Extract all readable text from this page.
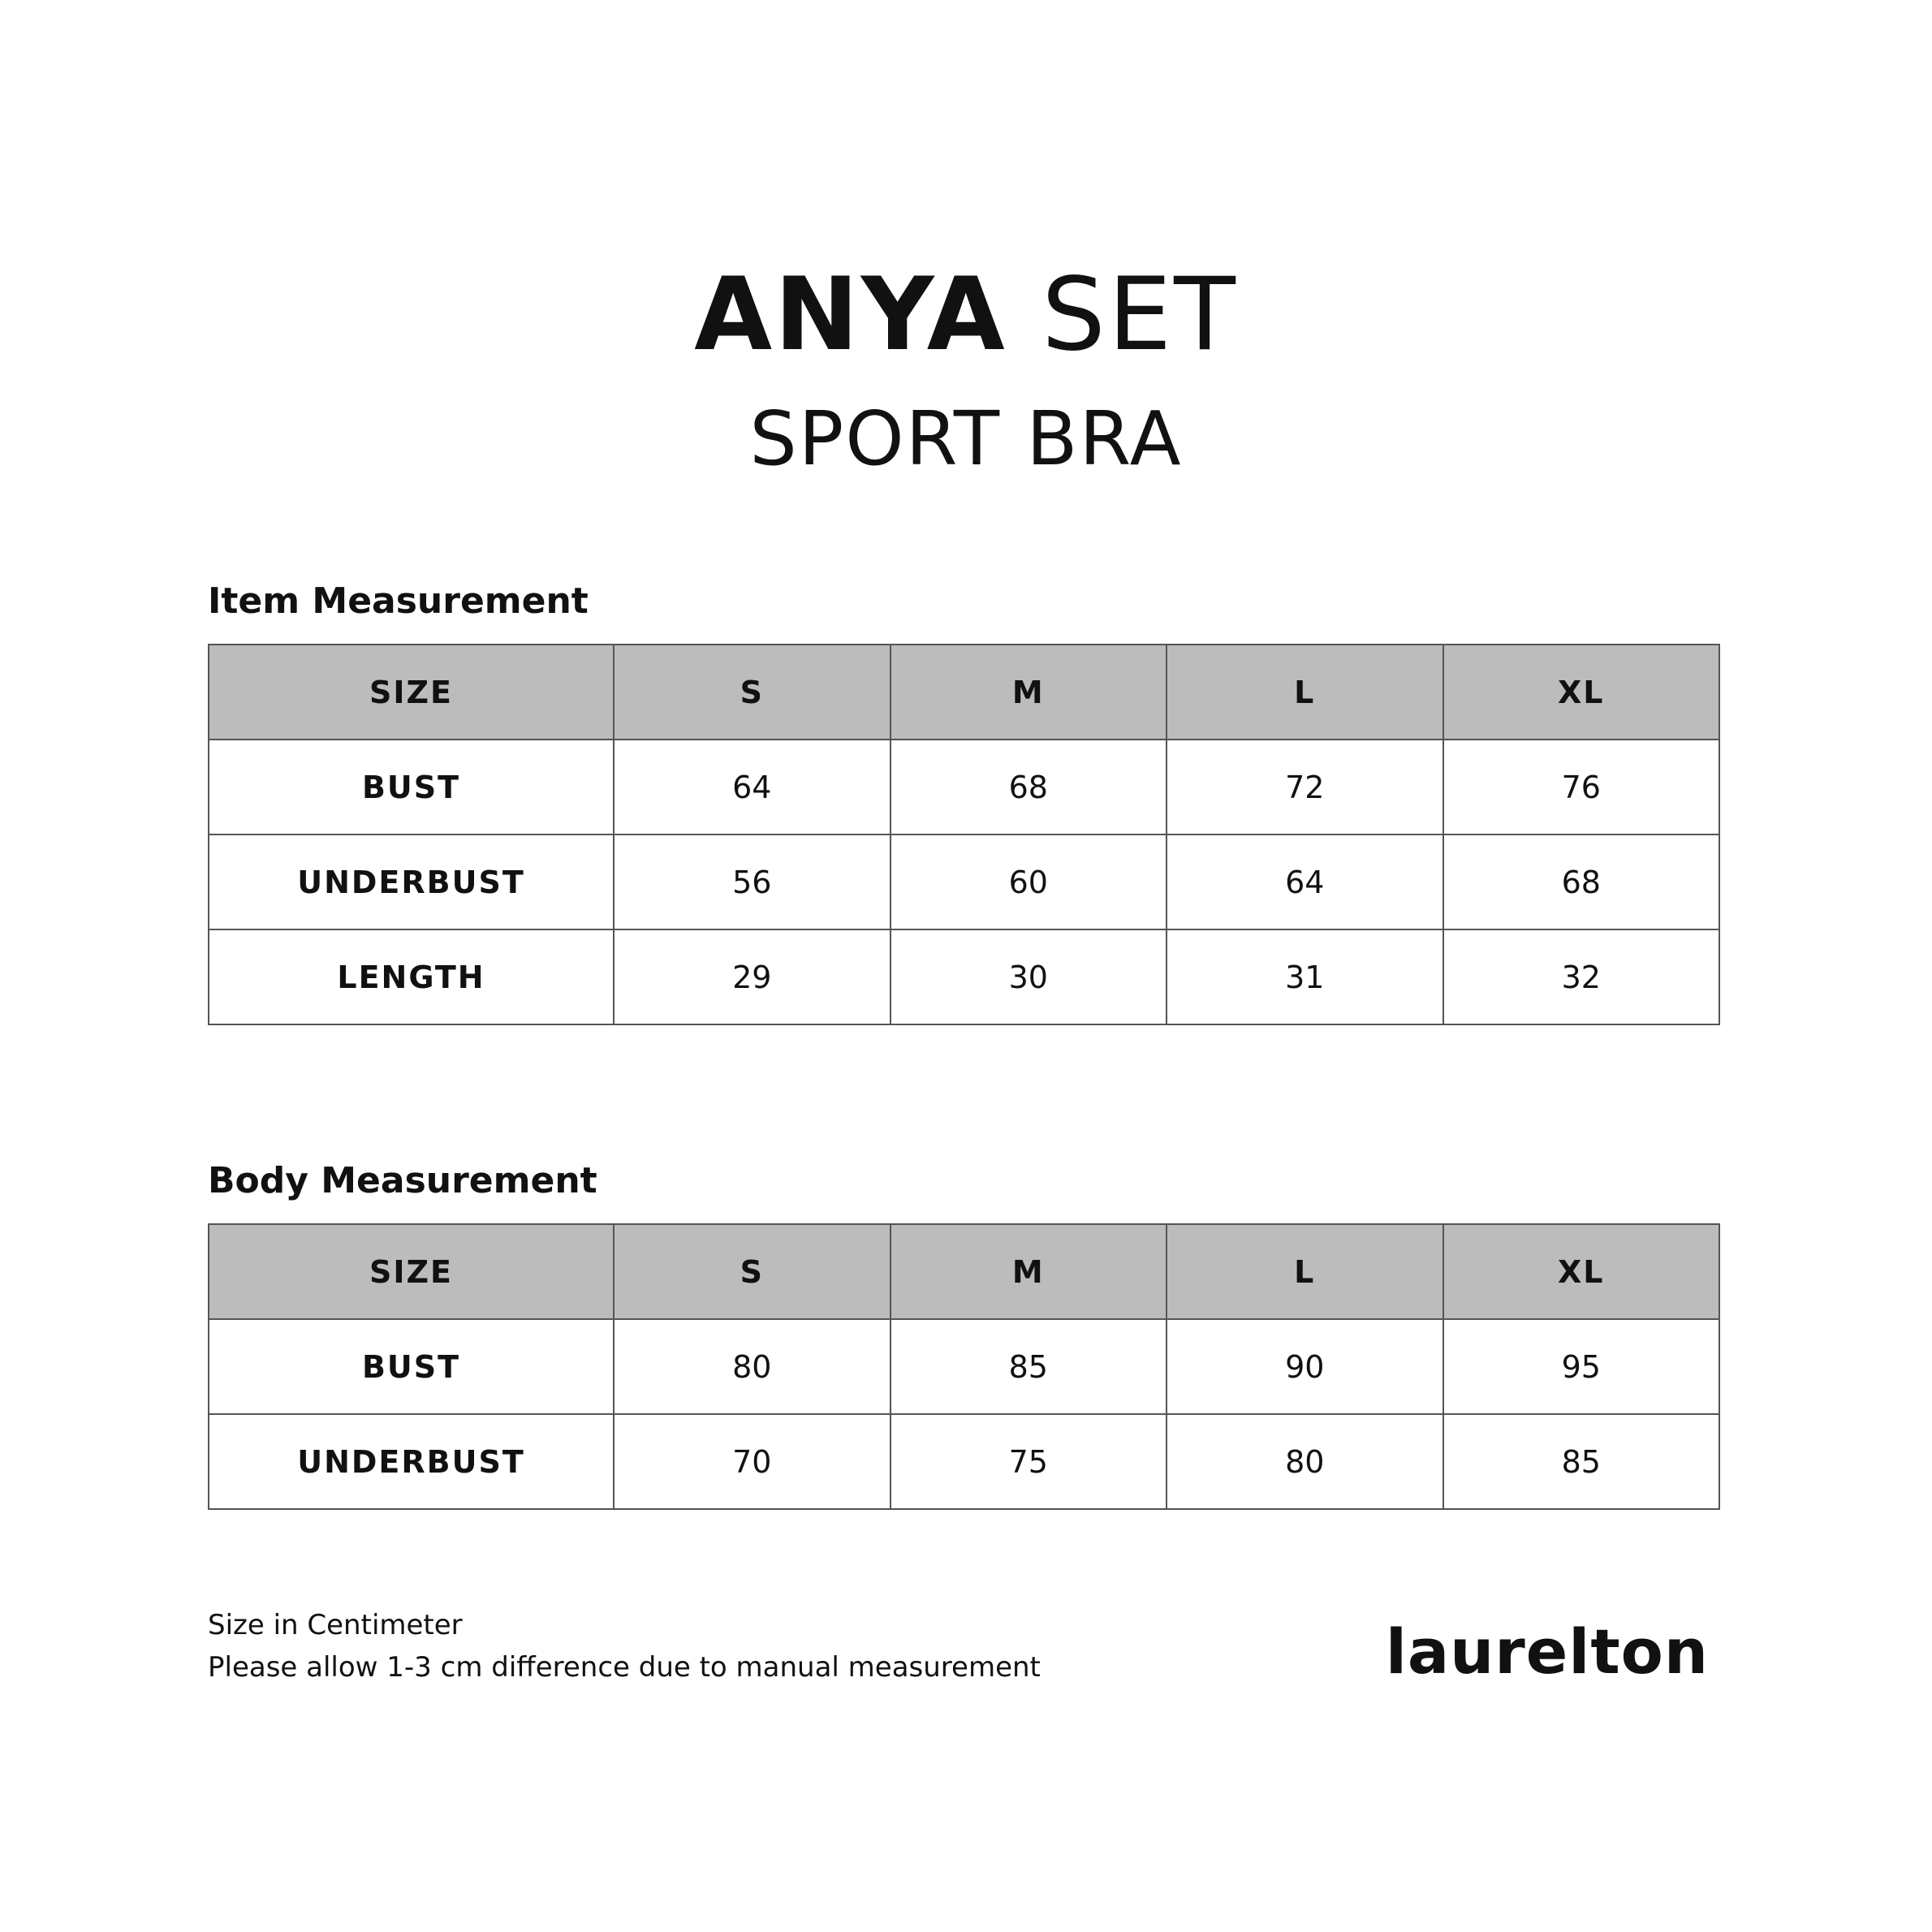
ANYA SET
SPORT BRA
Item Measurement
SIZE	S	M	L	XL
BUST	64	68	72	76
UNDERBUST	56	60	64	68
LENGTH	29	30	31	32
Body Measurement
SIZE	S	M	L	XL
BUST	80	85	90	95
UNDERBUST	70	75	80	85
Size in Centimeter
Please allow 1-3 cm difference due to manual measurement	laurelton
